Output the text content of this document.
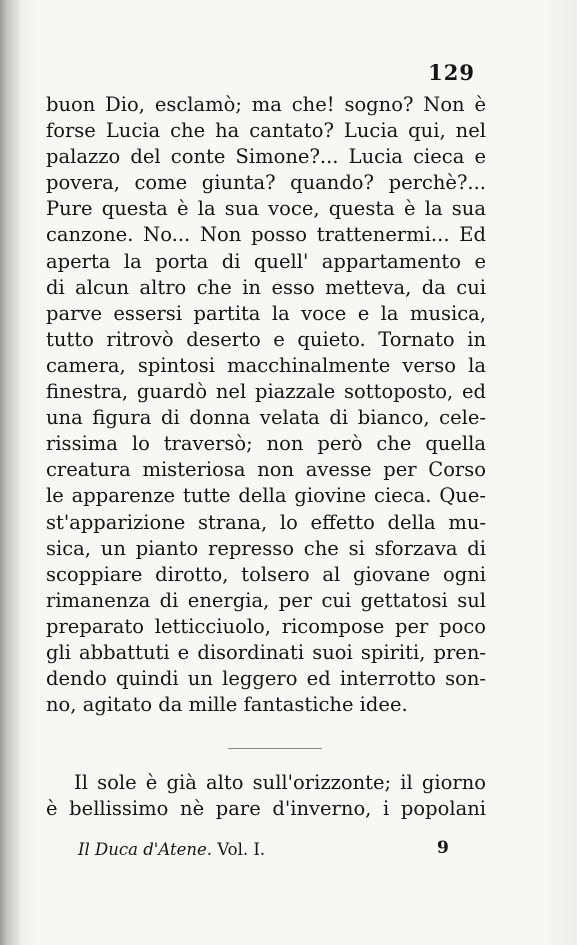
129
buon Dio, esclamò; ma che! sogno? Non è
forse Lucia che ha cantato? Lucia qui, nel
palazzo del conte Simone?... Lucia cieca e
povera, come giunta? quando? perchè?...
Pure questa è la sua voce, questa è la sua
canzone. No... Non posso trattenermi... Ed
aperta la porta di quell' appartamento e
di alcun altro che in esso metteva, da cui
parve essersi partita la voce e la musica,
tutto ritrovò deserto e quieto. Tornato in
camera, spintosi macchinalmente verso la
finestra, guardò nel piazzale sottoposto, ed
una figura di donna velata di bianco, cele-
rissima lo traversò; non però che quella
creatura misteriosa non avesse per Corso
le apparenze tutte della giovine cieca. Que-
st'apparizione strana, lo effetto della mu-
sica, un pianto represso che si sforzava di
scoppiare dirotto, tolsero al giovane ogni
rimanenza di energia, per cui gettatosi sul
preparato letticciuolo, ricompose per poco
gli abbattuti e disordinati suoi spiriti, pren-
dendo quindi un leggero ed interrotto son-
no, agitato da mille fantastiche idee.
Il sole è già alto sull'orizzonte; il giorno
è bellissimo nè pare d'inverno, i popolani
Il Duca d'Atene. Vol. I.	9
